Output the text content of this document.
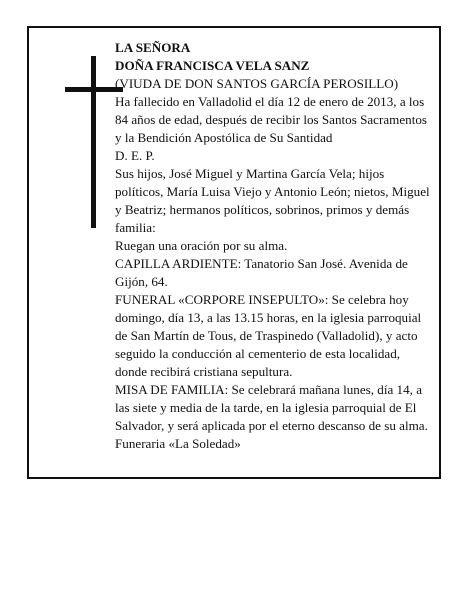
LA SEÑORA

DOÑA FRANCISCA VELA SANZ

(VIUDA DE DON SANTOS GARCÍA PEROSILLO)

Ha fallecido en Valladolid el día 12 de enero de 2013, a los 84 años de edad, después de recibir los Santos Sacramentos y la Bendición Apostólica de Su Santidad

D. E. P.

Sus hijos, José Miguel y Martina García Vela; hijos políticos, María Luisa Viejo y Antonio León; nietos, Miguel y Beatriz; hermanos políticos, sobrinos, primos y demás familia:

Ruegan una oración por su alma.

CAPILLA ARDIENTE: Tanatorio San José. Avenida de Gijón, 64.

FUNERAL «CORPORE INSEPULTO»: Se celebra hoy domingo, día 13, a las 13.15 horas, en la iglesia parroquial de San Martín de Tous, de Traspinedo (Valladolid), y acto seguido la conducción al cementerio de esta localidad, donde recibirá cristiana sepultura.

MISA DE FAMILIA: Se celebrará mañana lunes, día 14, a las siete y media de la tarde, en la iglesia parroquial de El Salvador, y será aplicada por el eterno descanso de su alma.

Funeraria «La Soledad»
